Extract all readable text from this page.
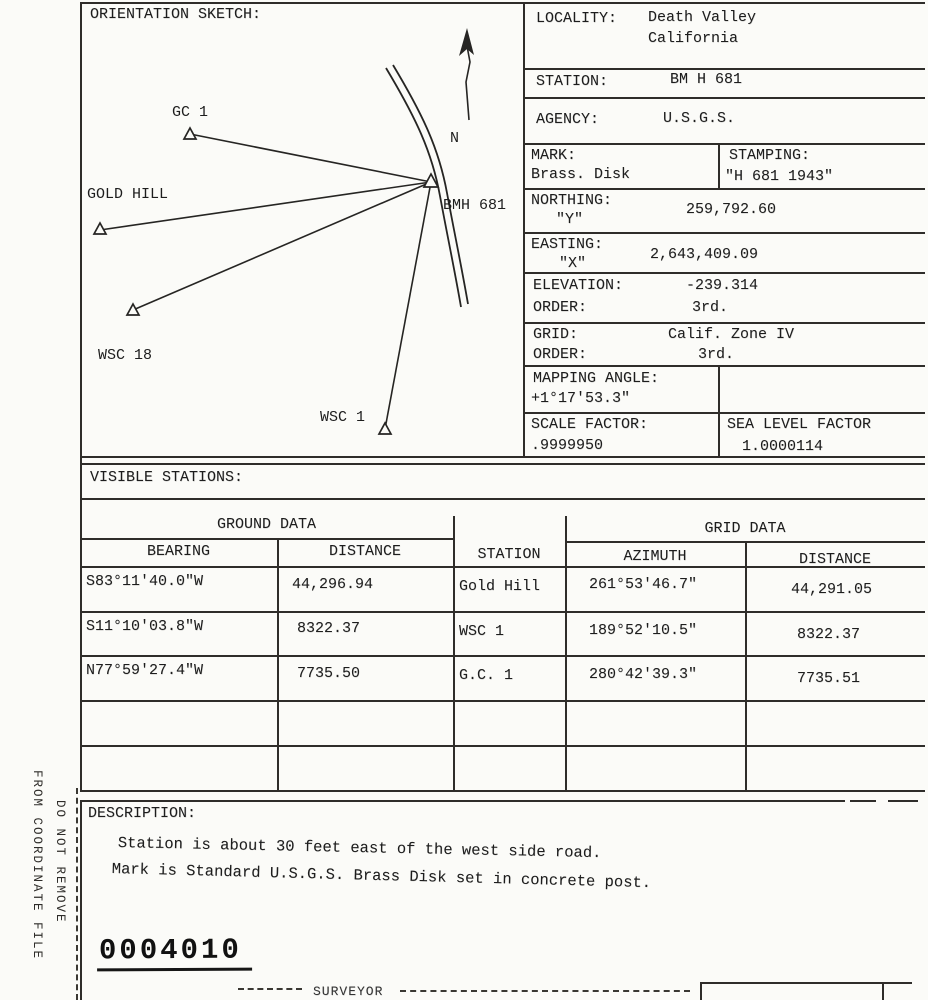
FROM COORDINATE FILE DO NOT REMOVE
ORIENTATION SKETCH:
N
GC 1
GOLD HILL
WSC 18
WSC 1
BMH 681
LOCALITY: Death Valley
California
STATION:	BM H 681
AGENCY:	U.S.G.S.
MARK:
Brass. Disk
STAMPING:
"H 681 1943"
NORTHING:
"Y"
259,792.60
EASTING:
"X"
2,643,409.09
ELEVATION:	-239.314
ORDER:	3rd.
GRID:	Calif. Zone IV
ORDER:	3rd.
MAPPING ANGLE:
+1°17'53.3"
SCALE FACTOR:
.9999950
SEA LEVEL FACTOR
1.0000114
VISIBLE STATIONS:
GROUND DATA	GRID DATA
BEARING	DISTANCE	STATION	AZIMUTH	DISTANCE
S83°11'40.0"W	44,296.94	Gold Hill	261°53'46.7"	44,291.05
S11°10'03.8"W	8322.37	WSC 1	189°52'10.5"	8322.37
N77°59'27.4"W	7735.50	G.C. 1	280°42'39.3"	7735.51
DESCRIPTION:
Station is about 30 feet east of the west side road.
Mark is Standard U.S.G.S. Brass Disk set in concrete post.
0004010
SURVEYOR
